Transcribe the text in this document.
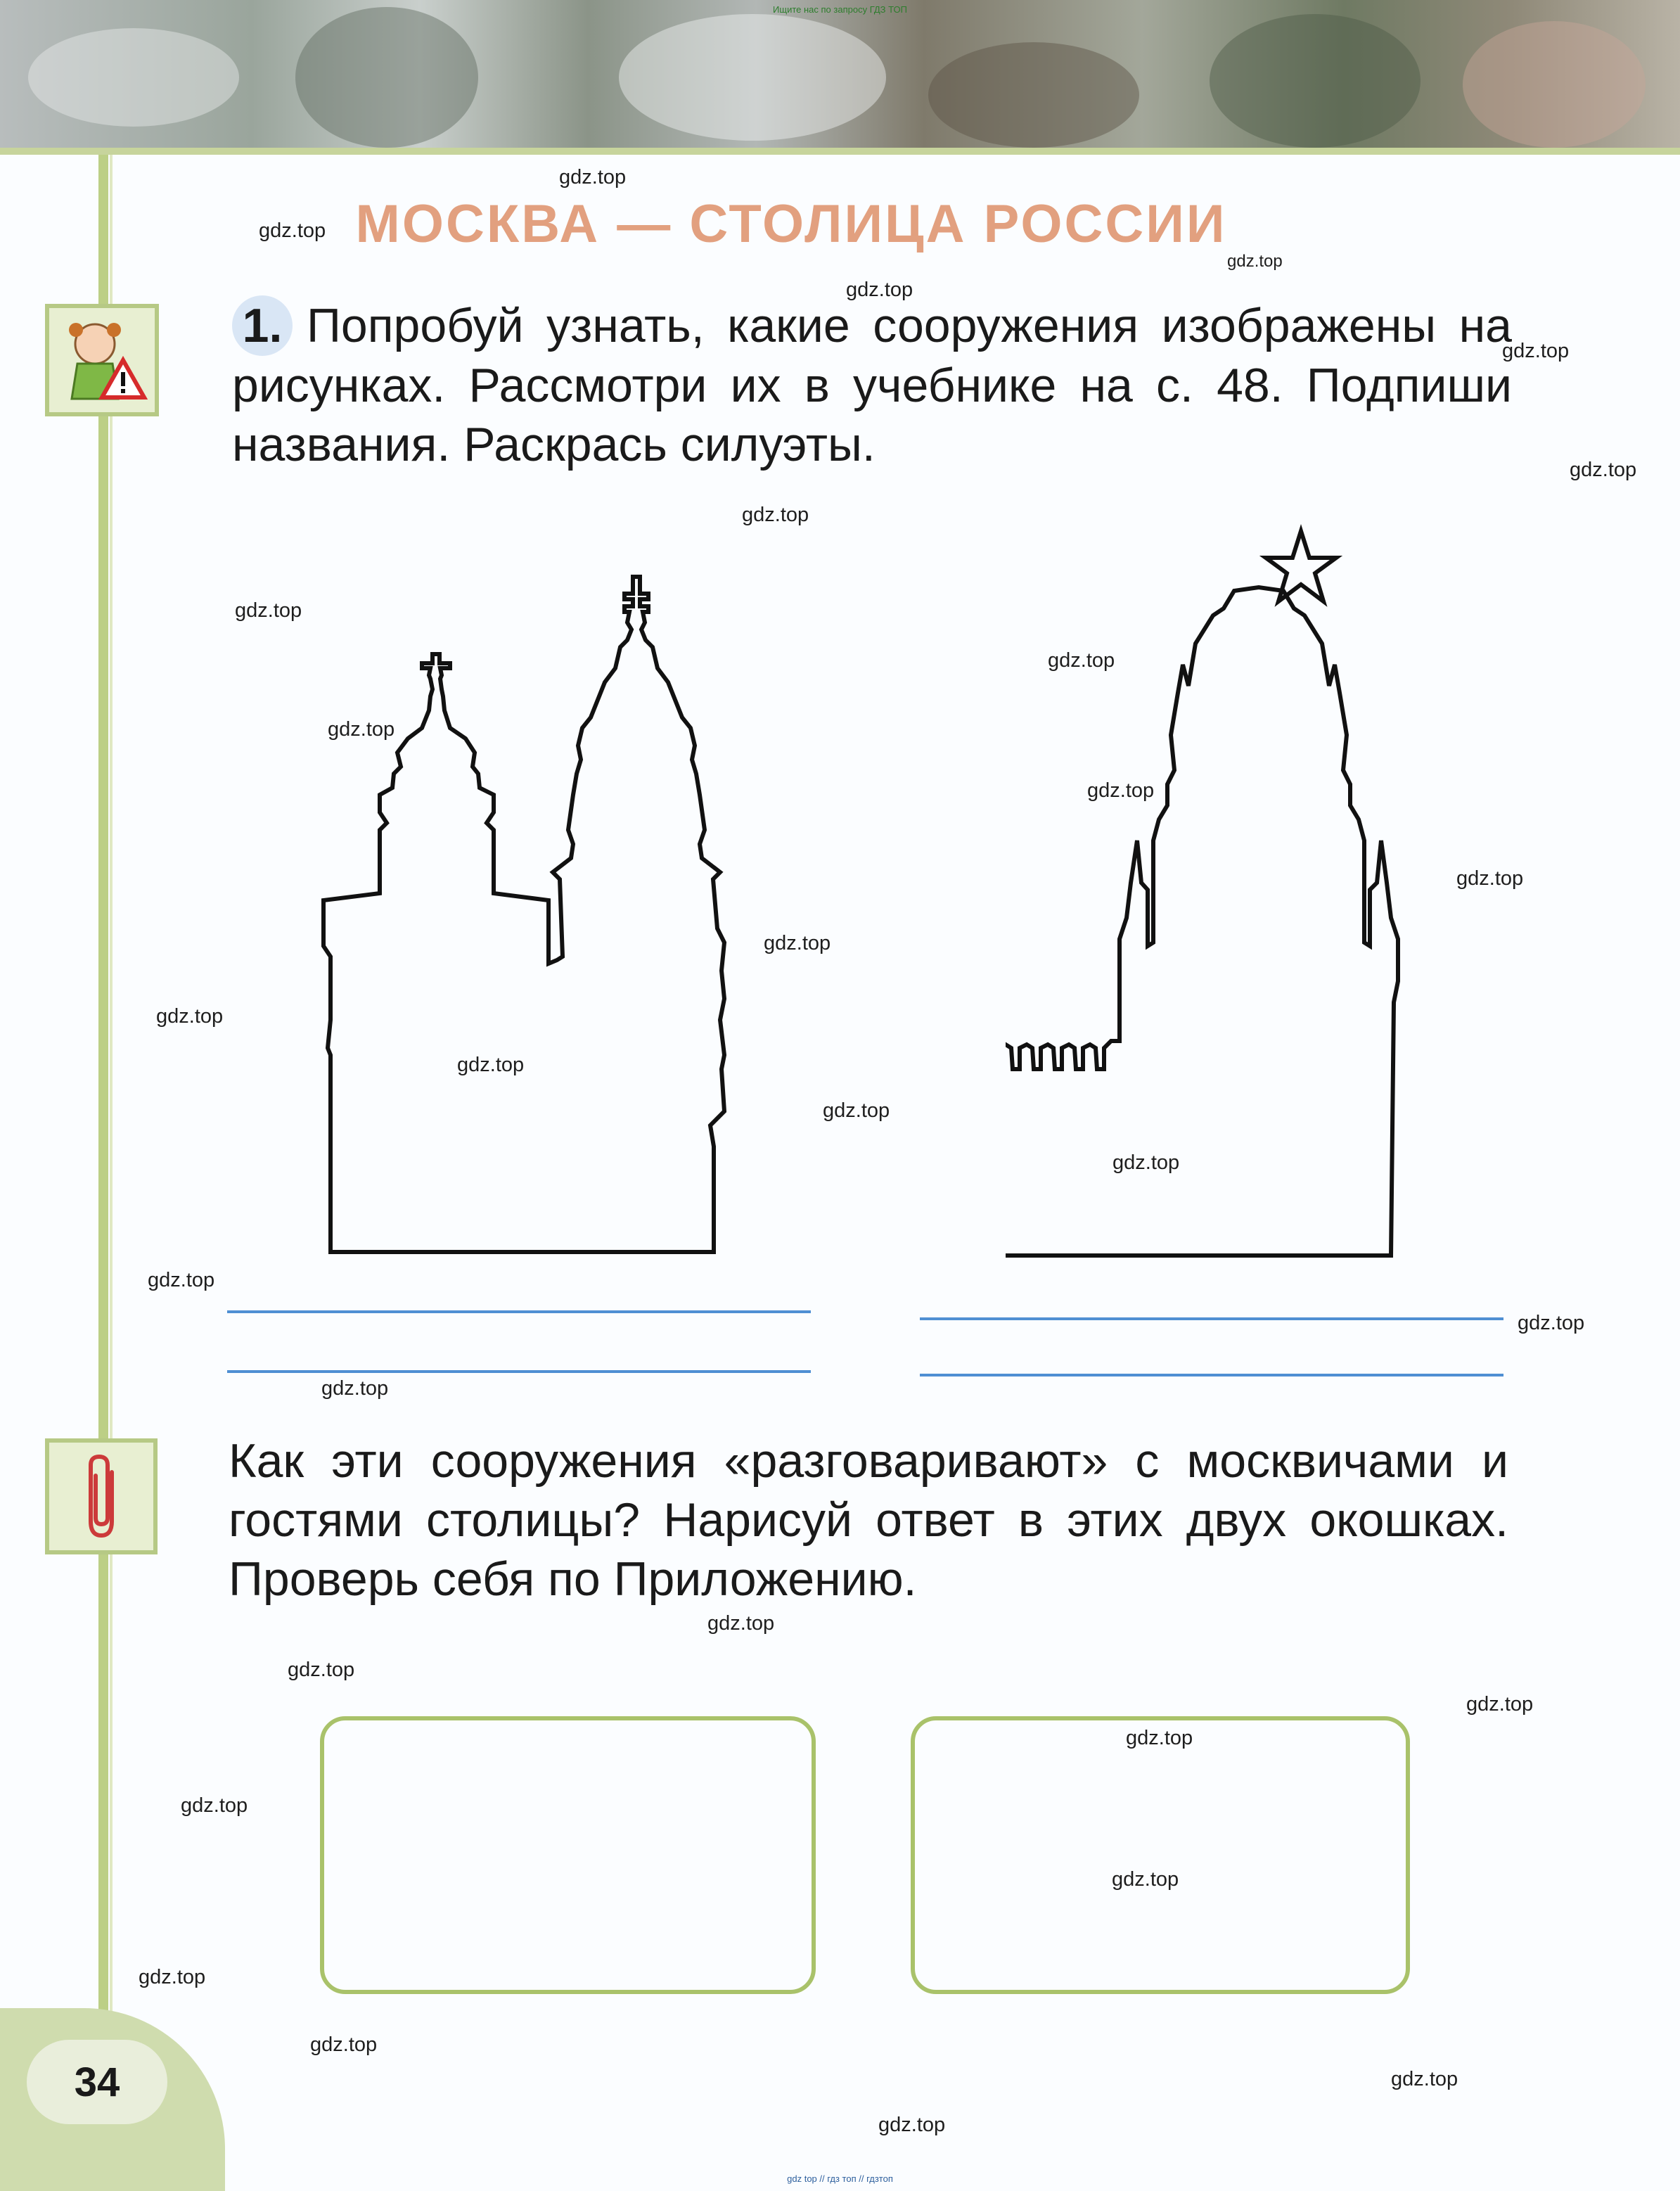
Ищите нас по запросу ГДЗ ТОП
МОСКВА — СТОЛИЦА РОССИИ
1. Попробуй узнать, какие сооружения изображены на рисунках. Рассмотри их в учебнике на с. 48. Подпиши названия. Раскрась силуэты.
Как эти сооружения «разговаривают» с москвичами и гостями столицы? Нарисуй ответ в этих двух окошках. Проверь себя по Приложению.
34
gdz.top
gdz.top
gdz.top
gdz.top
gdz.top
gdz.top
gdz.top
gdz.top
gdz.top
gdz.top
gdz.top
gdz.top
gdz.top
gdz.top
gdz.top
gdz.top
gdz.top
gdz.top
gdz.top
gdz.top
gdz.top
gdz.top
gdz.top
gdz.top
gdz.top
gdz.top
gdz.top
gdz.top
gdz.top
gdz.top
gdz top // гдз топ // гдзтоп
